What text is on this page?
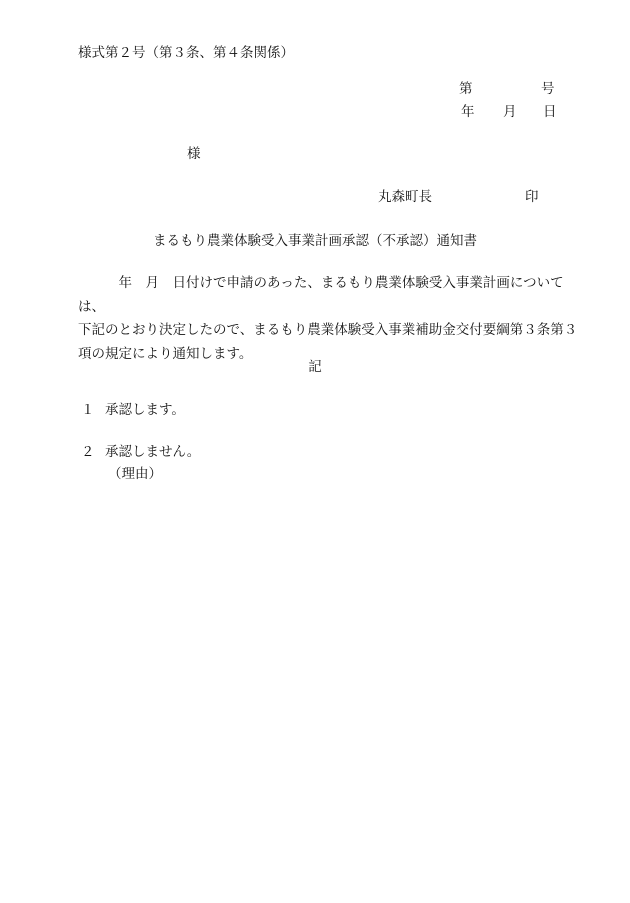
様式第２号（第３条、第４条関係）
第	号
年 月 日
様
丸森町長	印
まるもり農業体験受入事業計画承認（不承認）通知書
　　　年　月　日付けで申請のあった、まるもり農業体験受入事業計画については、
下記のとおり決定したので、まるもり農業体験受入事業補助金交付要綱第３条第３
項の規定により通知します。
記
１ 承認します。
２ 承認しません。
（理由）
